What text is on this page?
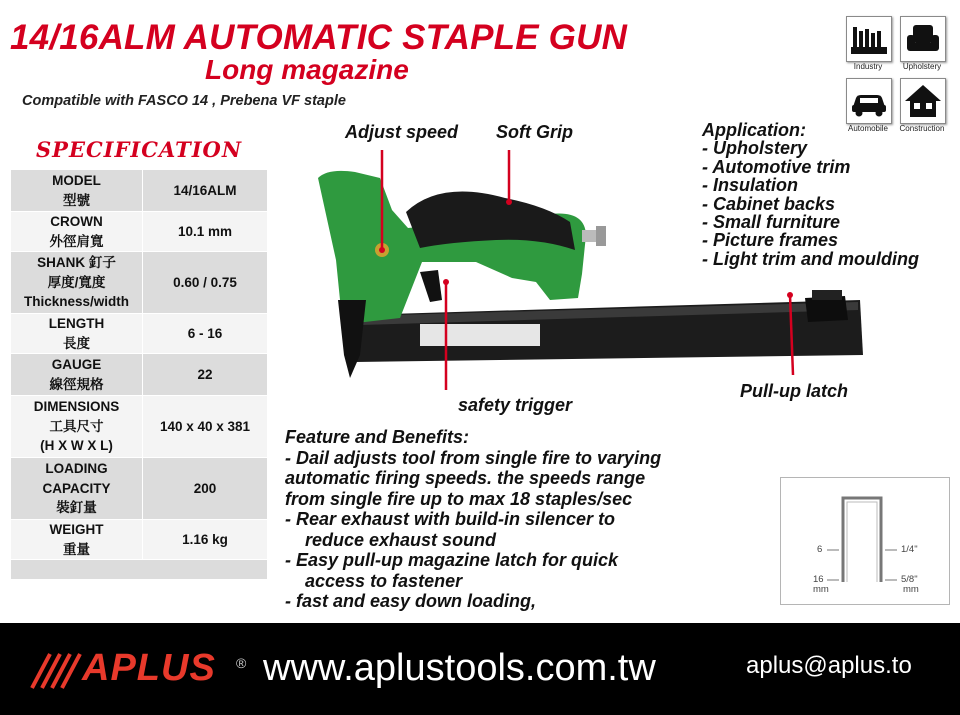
14/16ALM AUTOMATIC STAPLE GUN
Long magazine
Compatible with FASCO 14 , Prebena VF staple
Industry	Upholstery
Automobile	Construction
SPECIFICATION
MODEL
型號	14/16ALM

CROWN
外徑肩寬	10.1 mm

SHANK 釘子
厚度/寬度
Thickness/width	0.60 / 0.75

LENGTH
長度	6 - 16

GAUGE
線徑規格	22

DIMENSIONS
工具尺寸
(H X W X L)	140 x 40 x 381

LOADING
CAPACITY
裝釘量	200

WEIGHT
重量	1.16 kg

Adjust speed Soft Grip
safety trigger
Pull-up latch
Application:
- Upholstery
- Automotive trim
- Insulation
- Cabinet backs
- Small furniture
- Picture frames
- Light trim and moulding
Feature and Benefits:
- Dail adjusts tool from single fire to varying
automatic firing speeds. the speeds range
from single fire up to max 18 staples/sec
- Rear exhaust with build-in silencer to
reduce exhaust sound
- Easy pull-up magazine latch for quick
access to fastener
- fast and easy down loading,
6
16
mm
1/4"
5/8"
mm
APLUS ® www.aplustools.com.tw	aplus@aplus.to
